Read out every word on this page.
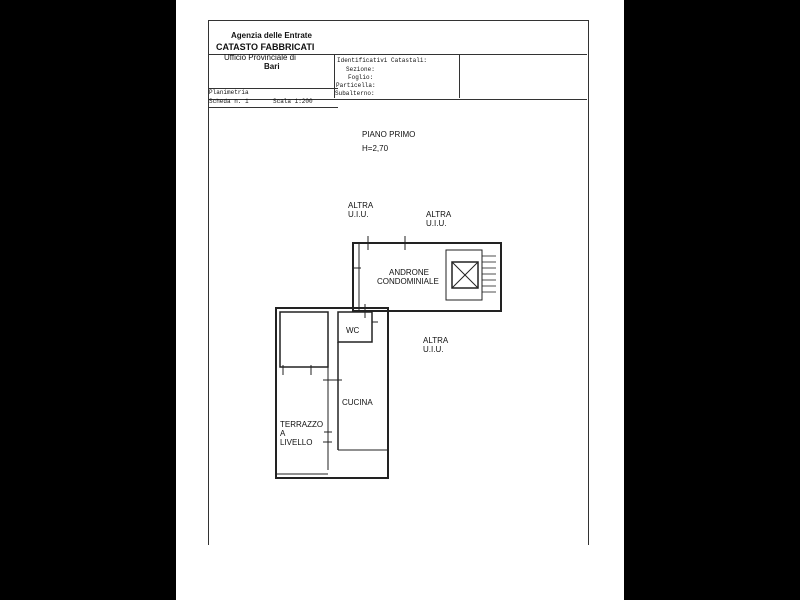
Agenzia delle Entrate
CATASTO FABBRICATI
Ufficio Provinciale di
Bari
Identificativi Catastali:
Sezione:
Foglio:
Particella:
Subalterno:
Planimetria
Scheda n. 1	Scala 1:200
PIANO PRIMO
H=2,70
ALTRA
U.I.U.	ALTRA
U.I.U.
ALTRA
U.I.U.
ANDRONE
CONDOMINIALE
WC
CUCINA
TERRAZZO
A
LIVELLO
